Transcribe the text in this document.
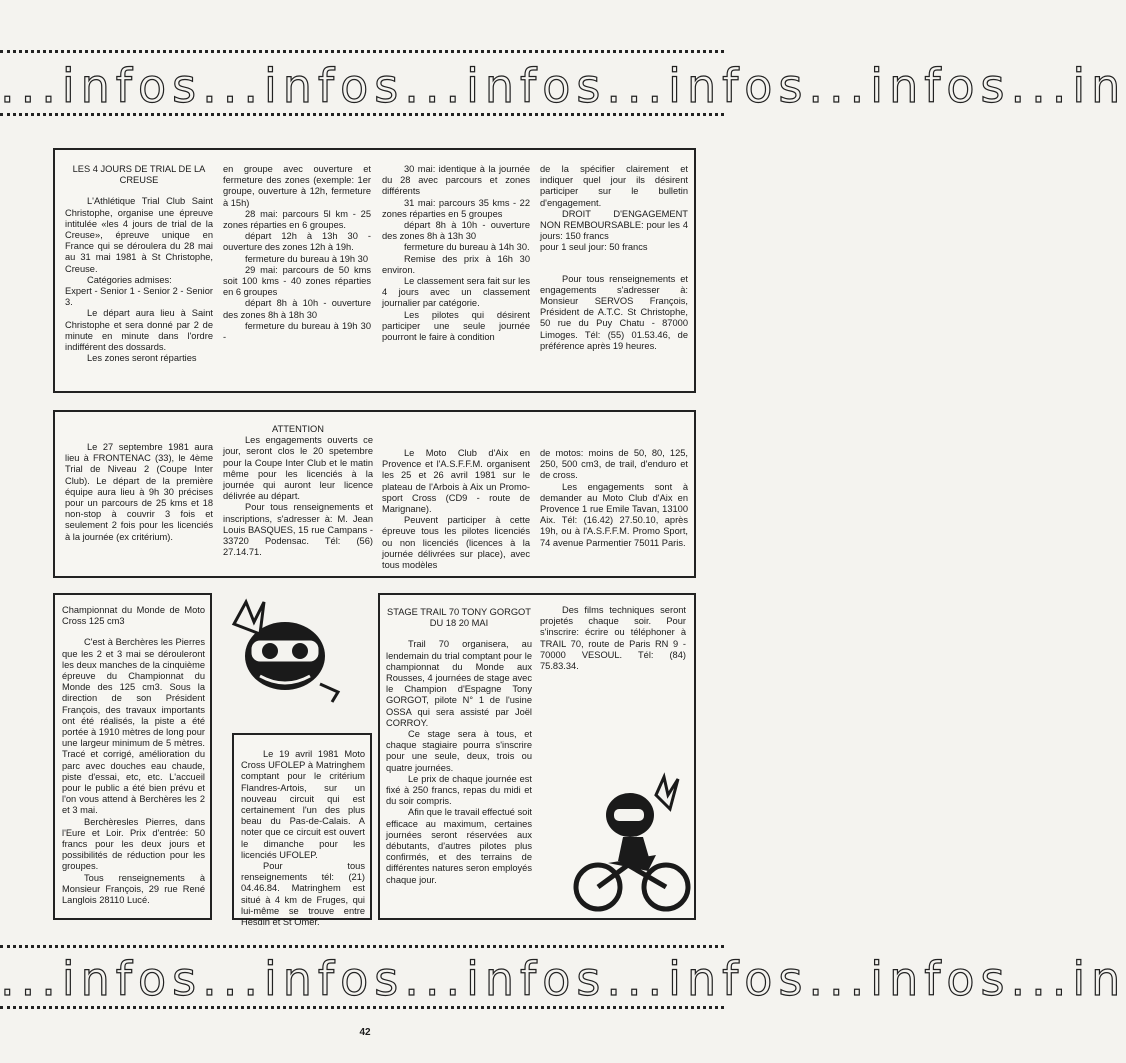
...infos...infos...infos...infos...infos...in

LES 4 JOURS DE TRIAL DE LA CREUSE

L'Athlétique Trial Club Saint Christophe, organise une épreuve intitulée «les 4 jours de trial de la Creuse», épreuve unique en France qui se déroulera du 28 mai au 31 mai 1981 à St Christophe, Creuse.

Catégories admises:

Expert - Senior 1 - Senior 2 - Senior 3.

Le départ aura lieu à Saint Christophe et sera donné par 2 de minute en minute dans l'ordre indifférent des dossards.

Les zones seront réparties

en groupe avec ouverture et fermeture des zones (exemple: 1er groupe, ouverture à 12h, fermeture à 15h)

28 mai: parcours 5l km - 25 zones réparties en 6 groupes.

départ 12h à 13h 30 - ouverture des zones 12h à 19h.

fermeture du bureau à 19h 30

29 mai: parcours de 50 kms soit 100 kms - 40 zones réparties en 6 groupes

départ 8h à 10h - ouverture des zones 8h à 18h 30

fermeture du bureau à 19h 30 -

30 mai: identique à la journée du 28 avec parcours et zones différents

31 mai: parcours 35 kms - 22 zones réparties en 5 groupes

départ 8h à 10h - ouverture des zones 8h à 13h 30

fermeture du bureau à 14h 30.

Remise des prix à 16h 30 environ.

Le classement sera fait sur les 4 jours avec un classement journalier par catégorie.

Les pilotes qui désirent participer une seule journée pourront le faire à condition

de la spécifier clairement et indiquer quel jour ils désirent participer sur le bulletin d'engagement.

DROIT D'ENGAGEMENT NON REMBOURSABLE: pour les 4 jours: 150 francs

pour 1 seul jour: 50 francs

Pour tous renseignements et engagements s'adresser à: Monsieur SERVOS François, Président de A.T.C. St Christophe, 50 rue du Puy Chatu - 87000 Limoges. Tél: (55) 01.53.46, de préférence après 19 heures.

Le 27 septembre 1981 aura lieu à FRONTENAC (33), le 4ème Trial de Niveau 2 (Coupe Inter Club). Le départ de la première équipe aura lieu à 9h 30 précises pour un parcours de 25 kms et 18 non-stop à couvrir 3 fois et seulement 2 fois pour les licenciés à la journée (ex critérium).

ATTENTION

Les engagements ouverts ce jour, seront clos le 20 spetembre pour la Coupe Inter Club et le matin même pour les licenciés à la journée qui auront leur licence délivrée au départ.

Pour tous renseignements et inscriptions, s'adresser à: M. Jean Louis BASQUES, 15 rue Campans - 33720 Podensac. Tél: (56) 27.14.71.

Le Moto Club d'Aix en Provence et l'A.S.F.F.M. organisent les 25 et 26 avril 1981 sur le plateau de l'Arbois à Aix un Promo-sport Cross (CD9 - route de Marignane).

Peuvent participer à cette épreuve tous les pilotes licenciés ou non licenciés (licences à la journée délivrées sur place), avec tous modèles

de motos: moins de 50, 80, 125, 250, 500 cm3, de trail, d'enduro et de cross.

Les engagements sont à demander au Moto Club d'Aix en Provence 1 rue Emile Tavan, 13100 Aix. Tél: (16.42) 27.50.10, après 19h, ou à l'A.S.F.F.M. Promo Sport, 74 avenue Parmentier 75011 Paris.

Championnat du Monde de Moto Cross 125 cm3

C'est à Berchères les Pierres que les 2 et 3 mai se dérouleront les deux manches de la cinquième épreuve du Championnat du Monde des 125 cm3. Sous la direction de son Président François, des travaux importants ont été réalisés, la piste a été portée à 1910 mètres de long pour une largeur minimum de 5 mètres. Tracé et corrigé, amélioration du parc avec douches eau chaude, piste d'essai, etc, etc. L'accueil pour le public a été bien prévu et l'on vous attend à Berchères les 2 et 3 mai.

Berchèresles Pierres, dans l'Eure et Loir. Prix d'entrée: 50 francs pour les deux jours et possibilités de réduction pour les groupes.

Tous renseignements à Monsieur François, 29 rue René Langlois 28110 Lucé.

Le 19 avril 1981 Moto Cross UFOLEP à Matringhem comptant pour le critérium Flandres-Artois, sur un nouveau circuit qui est certainement l'un des plus beau du Pas-de-Calais. A noter que ce circuit est ouvert le dimanche pour les licenciés UFOLEP.

Pour tous renseignements tél: (21) 04.46.84. Matringhem est situé à 4 km de Fruges, qui lui-même se trouve entre Hesdin et St Omer.

STAGE TRAIL 70 TONY GORGOT DU 18 20 MAI

Trail 70 organisera, au lendemain du trial comptant pour le championnat du Monde aux Rousses, 4 journées de stage avec le Champion d'Espagne Tony GORGOT, pilote N° 1 de l'usine OSSA qui sera assisté par Joël CORROY.

Ce stage sera à tous, et chaque stagiaire pourra s'inscrire pour une seule, deux, trois ou quatre journées.

Le prix de chaque journée est fixé à 250 francs, repas du midi et du soir compris.

Afin que le travail effectué soit efficace au maximum, certaines journées seront réservées aux débutants, d'autres pilotes plus confirmés, et des terrains de différentes natures seron employés chaque jour.

Des films techniques seront projetés chaque soir. Pour s'inscrire: écrire ou téléphoner à TRAIL 70, route de Paris RN 9 - 70000 VESOUL. Tél: (84) 75.83.34.

...infos...infos...infos...infos...infos...in
42
